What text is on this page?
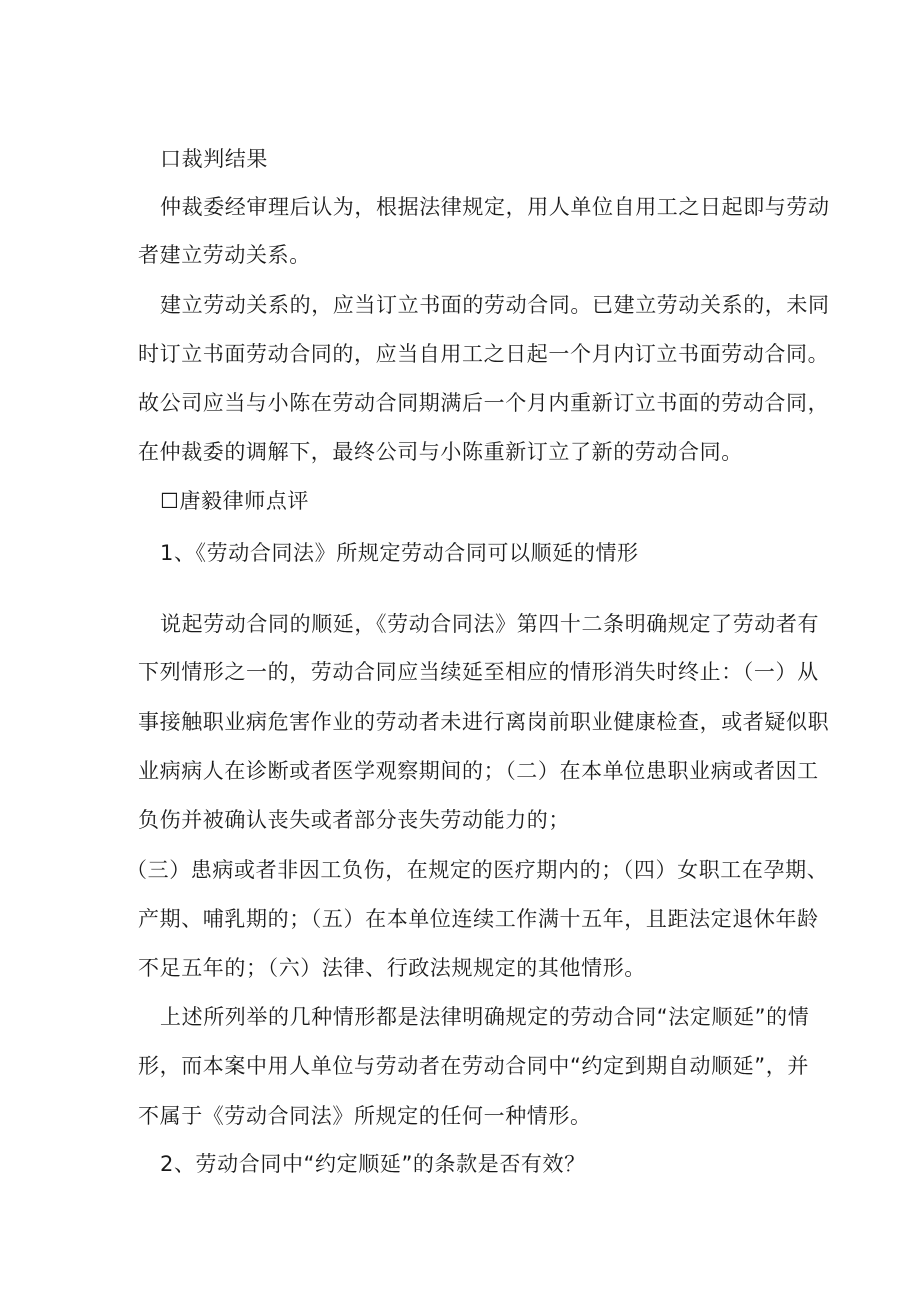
口裁判结果
仲裁委经审理后认为，根据法律规定，用人单位自用工之日起即与劳动
者建立劳动关系。
建立劳动关系的，应当订立书面的劳动合同。已建立劳动关系的，未同
时订立书面劳动合同的，应当自用工之日起一个月内订立书面劳动合同。
故公司应当与小陈在劳动合同期满后一个月内重新订立书面的劳动合同，
在仲裁委的调解下，最终公司与小陈重新订立了新的劳动合同。
☐唐毅律师点评
1、《劳动合同法》所规定劳动合同可以顺延的情形
说起劳动合同的顺延，《劳动合同法》第四十二条明确规定了劳动者有
下列情形之一的，劳动合同应当续延至相应的情形消失时终止：（一）从
事接触职业病危害作业的劳动者未进行离岗前职业健康检查，或者疑似职
业病病人在诊断或者医学观察期间的；（二）在本单位患职业病或者因工
负伤并被确认丧失或者部分丧失劳动能力的；
（三）患病或者非因工负伤，在规定的医疗期内的；（四）女职工在孕期、
产期、哺乳期的；（五）在本单位连续工作满十五年，且距法定退休年龄
不足五年的；（六）法律、行政法规规定的其他情形。
上述所列举的几种情形都是法律明确规定的劳动合同“法定顺延”的情
形，而本案中用人单位与劳动者在劳动合同中“约定到期自动顺延”，并
不属于《劳动合同法》所规定的任何一种情形。
2、劳动合同中“约定顺延”的条款是否有效？
